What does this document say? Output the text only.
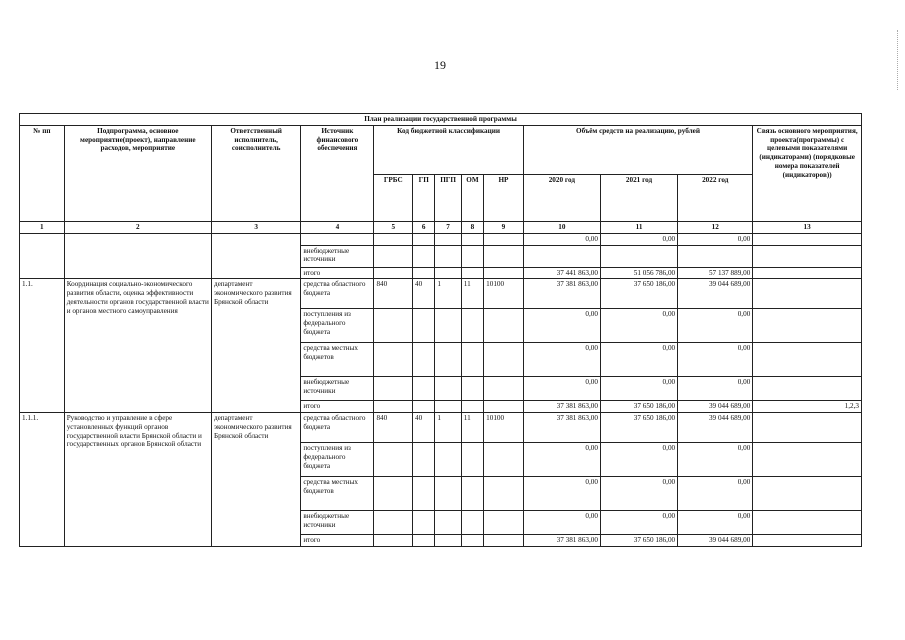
19
План реализации государственной программы												
№ пп	Подпрограмма, основное мероприятие(проект), направление расходов, мероприятие	Ответственный исполнитель, соисполнитель	Источник финансового обеспечения	Код бюджетной классификации					Объём средств на реализацию, рублей			Связь основного мероприятия, проекта(программы) с целевыми показателями (индикаторами) (порядковые номера показателей (индикаторов))
				ГРБС	ГП	ПГП	ОМ	НР	2020 год	2021 год	2022 год	
1	2	3	4	5	6	7	8	9	10	11	12	13
									0,00	0,00	0,00	
			внебюджетные источники									
			итого						37 441 863,00	51 056 786,00	57 137 889,00	
1.1.	Координация социально-экономического развития области, оценка эффективности деятельности органов государственной власти и органов местного самоуправления	департамент экономического развития Брянской области	средства областного бюджета	840	40	1	11	10100	37 381 863,00	37 650 186,00	39 044 689,00	
			поступления из федерального бюджета						0,00	0,00	0,00	
			средства местных бюджетов						0,00	0,00	0,00	
			внебюджетные источники						0,00	0,00	0,00	
			итого						37 381 863,00	37 650 186,00	39 044 689,00	1,2,3
1.1.1.	Руководство и управление в сфере установленных функций органов государственной власти Брянской области и государственных органов Брянской области	департамент экономического развития Брянской области	средства областного бюджета	840	40	1	11	10100	37 381 863,00	37 650 186,00	39 044 689,00	
			поступления из федерального бюджета						0,00	0,00	0,00	
			средства местных бюджетов						0,00	0,00	0,00	
			внебюджетные источники						0,00	0,00	0,00	
			итого						37 381 863,00	37 650 186,00	39 044 689,00	
